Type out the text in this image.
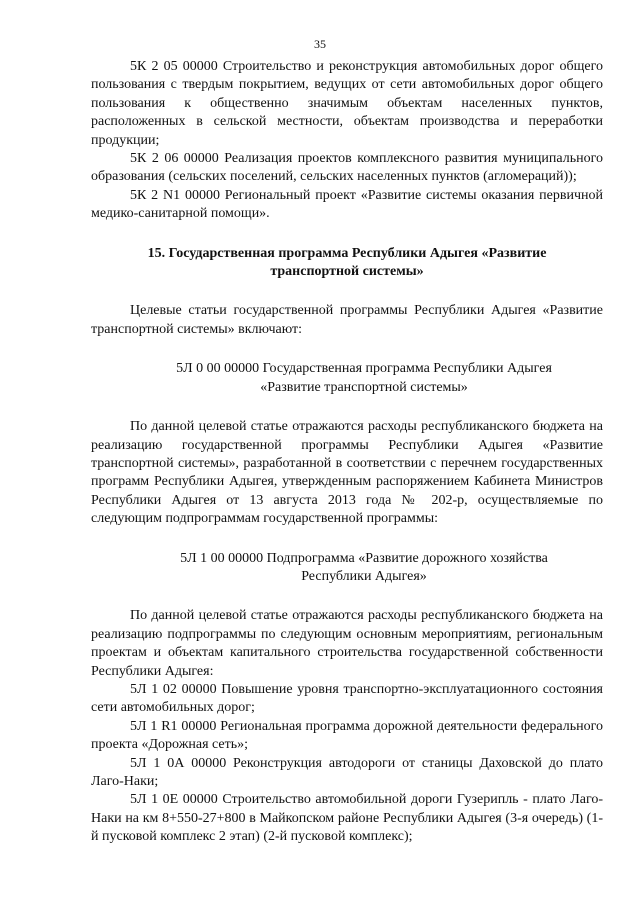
35

5К 2 05 00000 Строительство и реконструкция автомобильных дорог общего пользования с твердым покрытием, ведущих от сети автомобильных дорог общего пользования к общественно значимым объектам населенных пунктов, расположенных в сельской местности, объектам производства и переработки продукции;

5К 2 06 00000 Реализация проектов комплексного развития муниципального образования (сельских поселений, сельских населенных пунктов (агломераций));

5К 2 N1 00000 Региональный проект «Развитие системы оказания первичной медико-санитарной помощи».

15. Государственная программа Республики Адыгея «Развитие транспортной системы»

Целевые статьи государственной программы Республики Адыгея «Развитие транспортной системы» включают:

5Л 0 00 00000 Государственная программа Республики Адыгея «Развитие транспортной системы»

По данной целевой статье отражаются расходы республиканского бюджета на реализацию государственной программы Республики Адыгея «Развитие транспортной системы», разработанной в соответствии с перечнем государственных программ Республики Адыгея, утвержденным распоряжением Кабинета Министров Республики Адыгея от 13 августа 2013 года № 202-р, осуществляемые по следующим подпрограммам государственной программы:

5Л 1 00 00000 Подпрограмма «Развитие дорожного хозяйства Республики Адыгея»

По данной целевой статье отражаются расходы республиканского бюджета на реализацию подпрограммы по следующим основным мероприятиям, региональным проектам и объектам капитального строительства государственной собственности Республики Адыгея:

5Л 1 02 00000 Повышение уровня транспортно-эксплуатационного состояния сети автомобильных дорог;

5Л 1 R1 00000 Региональная программа дорожной деятельности федерального проекта «Дорожная сеть»;

5Л 1 0А 00000 Реконструкция автодороги от станицы Даховской до плато Лаго-Наки;

5Л 1 0Е 00000 Строительство автомобильной дороги Гузерипль - плато Лаго-Наки на км 8+550-27+800 в Майкопском районе Республики Адыгея (3-я очередь) (1-й пусковой комплекс 2 этап) (2-й пусковой комплекс);
